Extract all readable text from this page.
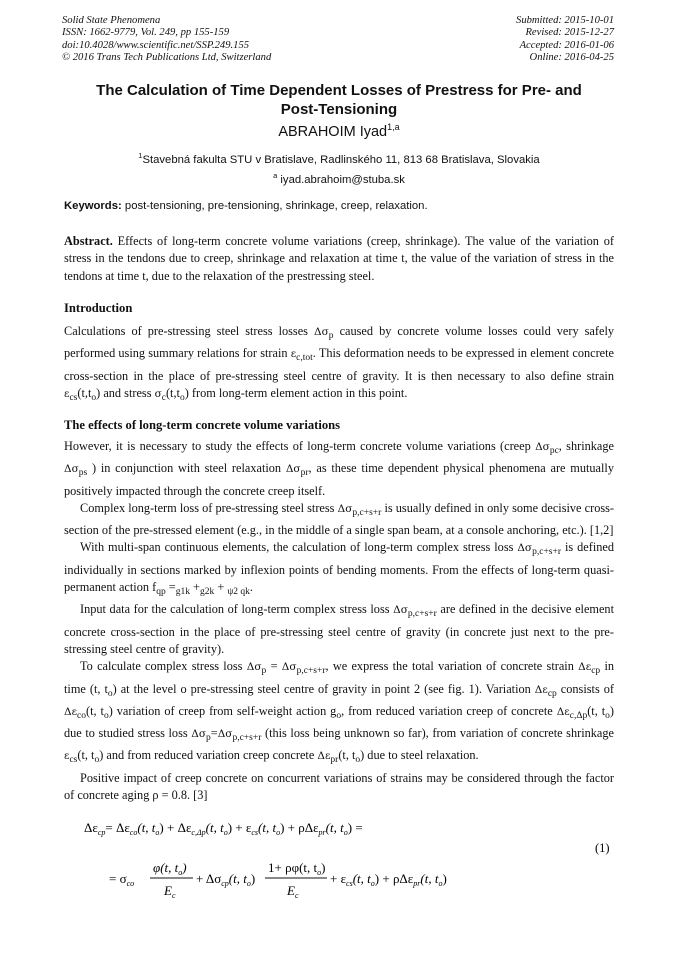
Solid State Phenomena
ISSN: 1662-9779, Vol. 249, pp 155-159
doi:10.4028/www.scientific.net/SSP.249.155
© 2016 Trans Tech Publications Ltd, Switzerland
Submitted: 2015-10-01
Revised: 2015-12-27
Accepted: 2016-01-06
Online: 2016-04-25
The Calculation of Time Dependent Losses of Prestress for Pre- and
Post-Tensioning
ABRAHOIM Iyad$^{1,a}$
$^1$Stavebná fakulta STU v Bratislave, Radlinského 11, 813 68 Bratislava, Slovakia
$^a$ iyad.abrahoim@stuba.sk
Keywords: post-tensioning, pre-tensioning, shrinkage, creep, relaxation.

Abstract. Effects of long-term concrete volume variations (creep, shrinkage). The value of the variation of stress in the tendons due to creep, shrinkage and relaxation at time t, the value of the variation of stress in the tendons at time t, due to the relaxation of the prestressing steel.

Introduction

Calculations of pre-stressing steel stress losses $\Delta\sigma_p$ caused by concrete volume losses could very safely performed using summary relations for strain $\varepsilon_{c,tot}$. This deformation needs to be expressed in element concrete cross-section in the place of pre-stressing steel centre of gravity. It is then necessary to also define strain $\varepsilon_{cs}(t,t_o)$ and stress $\sigma_c(t,t_o)$ from long-term element action in this point.

The effects of long-term concrete volume variations

However, it is necessary to study the effects of long-term concrete volume variations (creep $\Delta\sigma_{pc}$, shrinkage $\Delta\sigma_{ps}$ ) in conjunction with steel relaxation $\Delta\sigma_{pr}$, as these time dependent physical phenomena are mutually positively impacted through the concrete creep itself.

Complex long-term loss of pre-stressing steel stress $\Delta\sigma_{p,c+s+r}$ is usually defined in only some decisive cross-section of the pre-stressed element (e.g., in the middle of a single span beam, at a console anchoring, etc.). [1,2]

With multi-span continuous elements, the calculation of long-term complex stress loss $\Delta\sigma_{p,c+s+r}$ is defined individually in sections marked by inflexion points of bending moments. From the effects of long-term quasi-permanent action $f_{qp} =_{g1k} +_{g2k} + _{\psi 2 qk}$.

Input data for the calculation of long-term complex stress loss $\Delta\sigma_{p,c+s+r}$ are defined in the decisive element concrete cross-section in the place of pre-stressing steel centre of gravity (in concrete just next to the pre-stressing steel centre of gravity).

To calculate complex stress loss $\Delta\sigma_p = \Delta\sigma_{p,c+s+r}$, we express the total variation of concrete strain $\Delta\varepsilon_{cp}$ in time (t, $t_o$) at the level o pre-stressing steel centre of gravity in point 2 (see fig. 1). Variation $\Delta\varepsilon_{cp}$ consists of $\Delta\varepsilon_{co}(t$, $t_o$) variation of creep from self-weight action $g_o$, from reduced variation creep of concrete $\Delta\varepsilon_{c,\Delta p}(t$, $t_o$) due to studied stress loss $\Delta\sigma_p=\Delta\sigma_{p,c+s+r}$ (this loss being unknown so far), from variation of concrete shrinkage $\varepsilon_{cs}(t$, $t_o$) and from reduced variation creep concrete $\Delta\varepsilon_{pr}(t$, $t_o$) due to steel relaxation.

Positive impact of creep concrete on concurrent variations of strains may be considered through the factor of concrete aging ρ = 0.8. [3]

$\Delta\varepsilon_{cp}= \Delta\varepsilon_{co}(t$, $t_o) + \Delta\varepsilon_{c,\Delta p}(t$, $t_o) + \varepsilon_{cs}(t$, $t_o) + \rho\Delta\varepsilon_{pr}(t$, $t_o$) =
(1)
= $\sigma_{co}$
φ(t, $t_o$)
$E_c$
+ $\Delta\sigma_{cp}(t$, $t_o$)
1+ ρφ(t, $t_o$)
$E_c$
+ $\varepsilon_{cs}(t$, $t_o) + \rho\Delta\varepsilon_{pr}(t$, $t_o$)
